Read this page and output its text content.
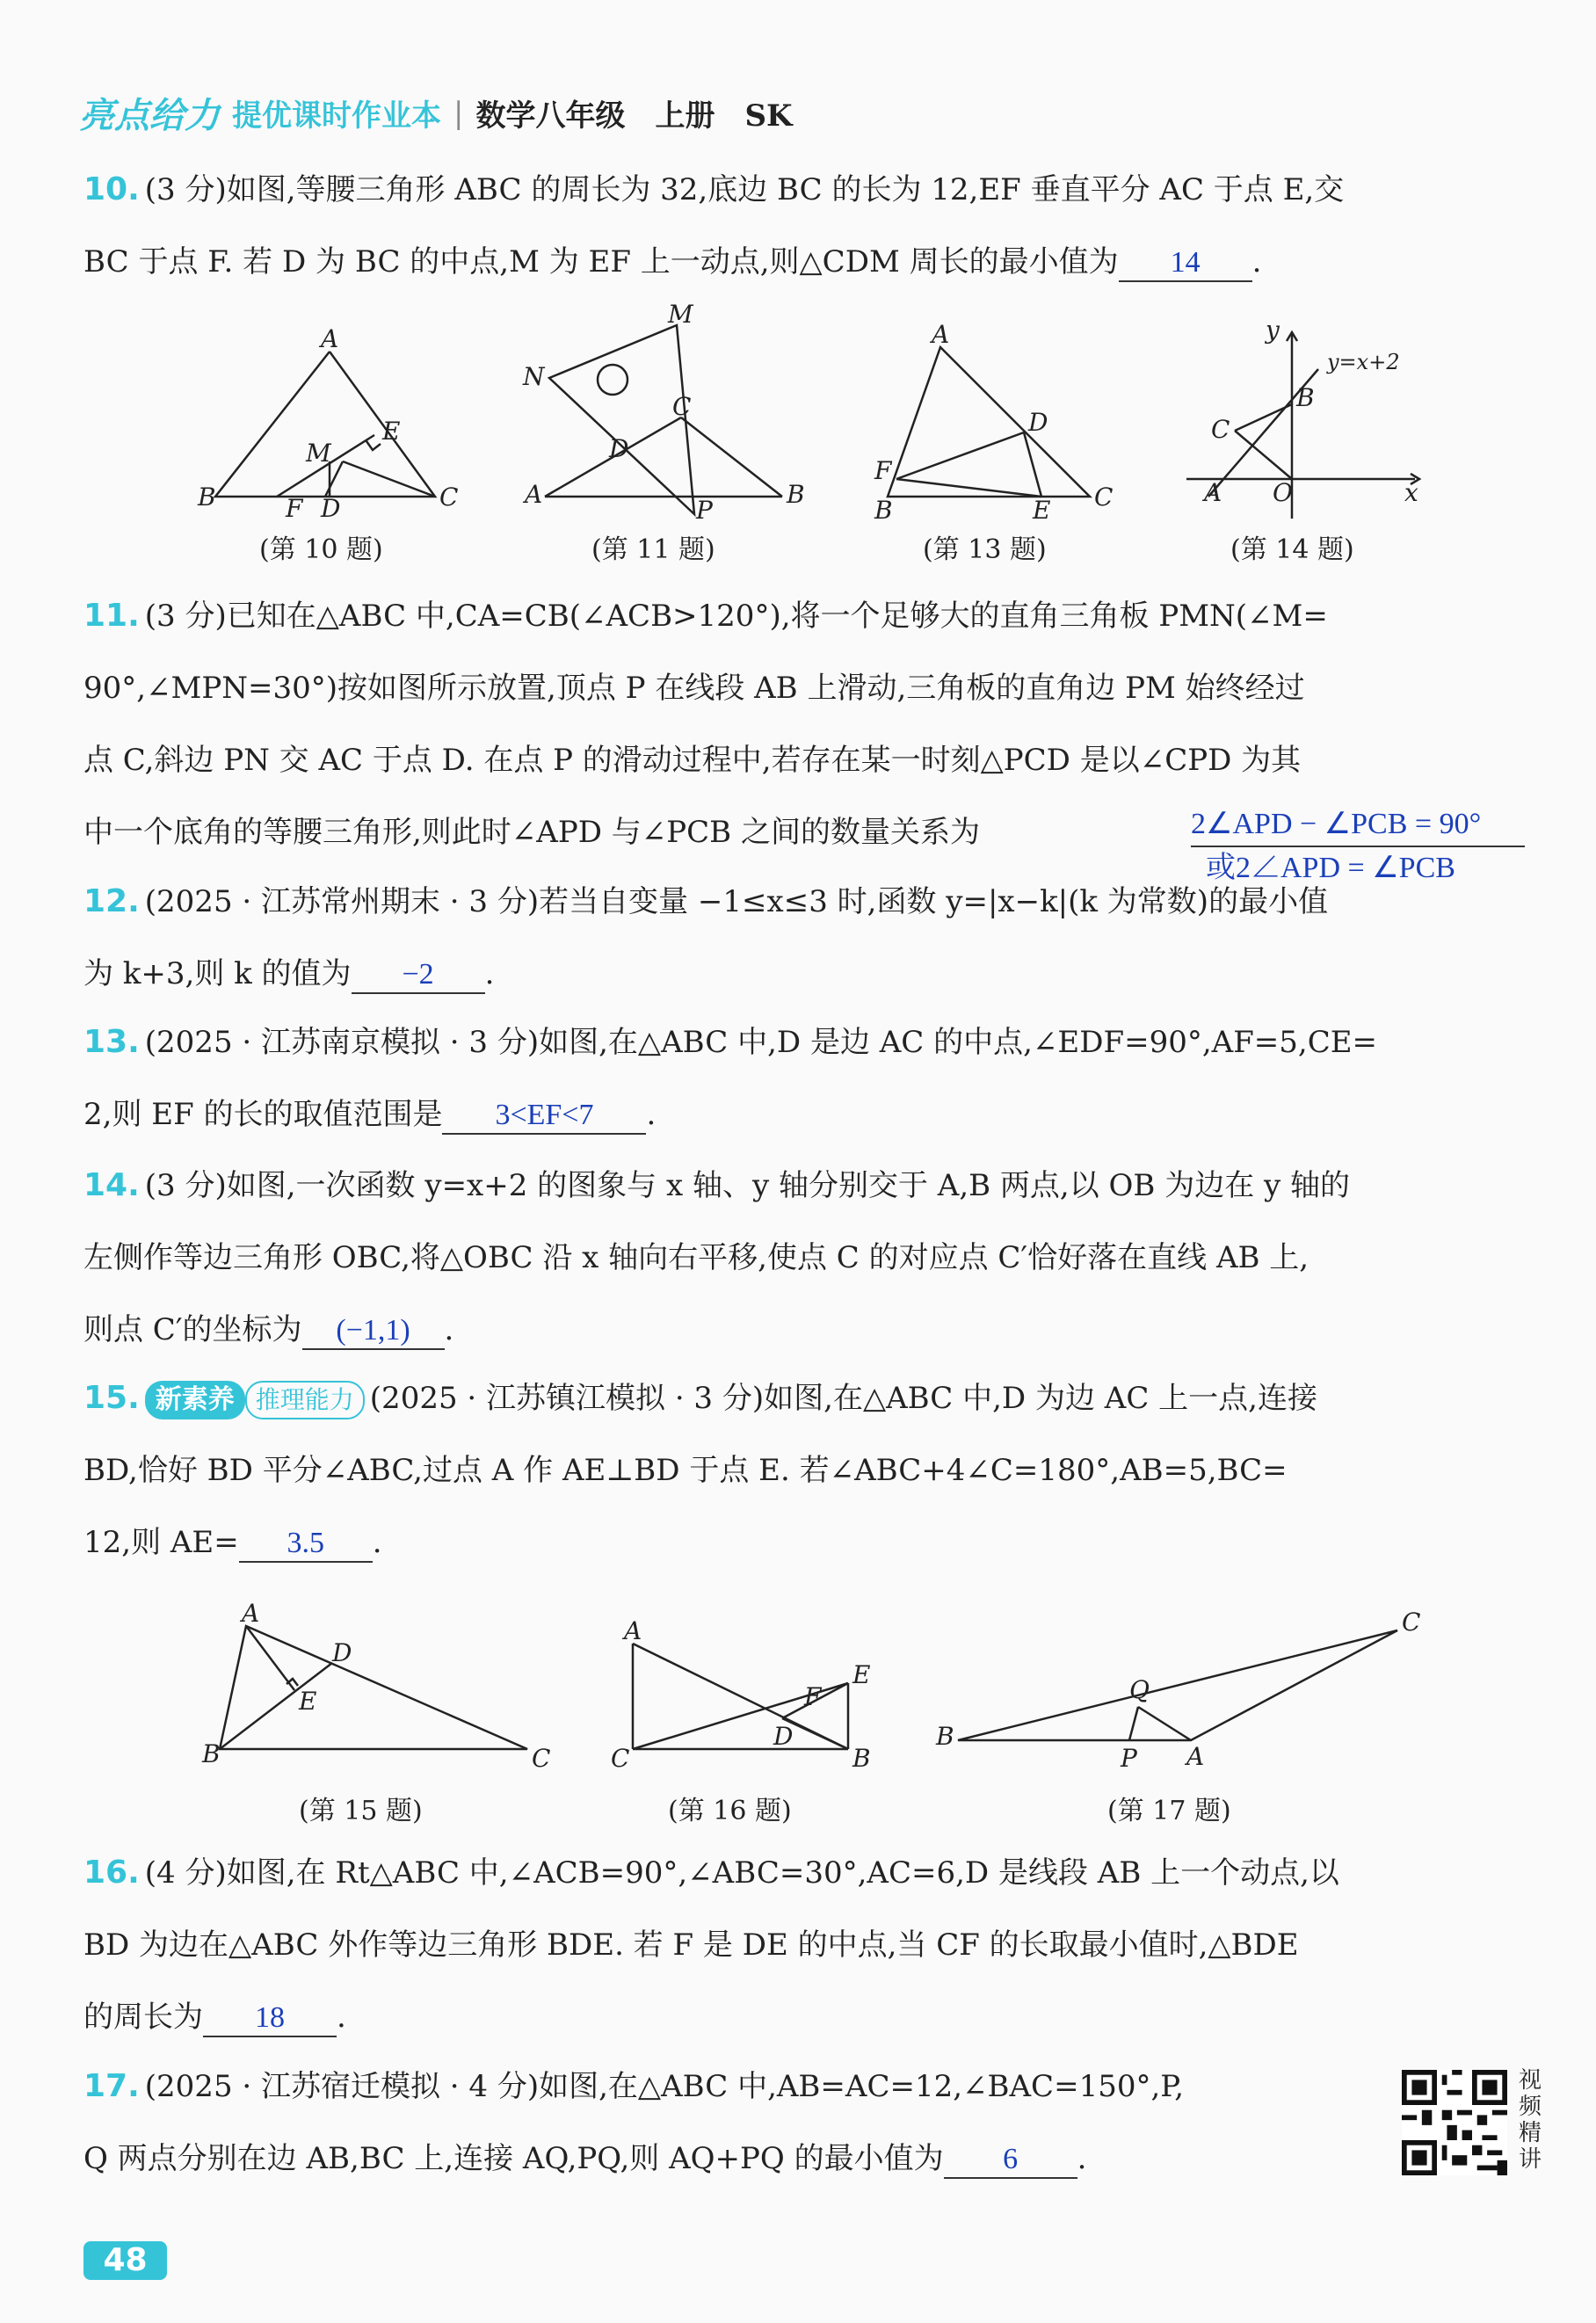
亮点给力 提优课时作业本 | 数学八年级　上册　SK
10. (3 分)如图,等腰三角形 ABC 的周长为 32,底边 BC 的长为 12,EF 垂直平分 AC 于点 E,交
BC 于点 F. 若 D 为 BC 的中点,M 为 EF 上一动点,则△CDM 周长的最小值为 14 .
A
B	C
E
M
F D
M
N
C
D
A
P
B
A
D
F
B	E C
y
y=x+2
B
C
A O	x
(第 10 题)	(第 11 题)	(第 13 题)	(第 14 题)
11. (3 分)已知在△ABC 中,CA=CB(∠ACB>120°),将一个足够大的直角三角板 PMN(∠M=
90°,∠MPN=30°)按如图所示放置,顶点 P 在线段 AB 上滑动,三角板的直角边 PM 始终经过
点 C,斜边 PN 交 AC 于点 D. 在点 P 的滑动过程中,若存在某一时刻△PCD 是以∠CPD 为其
中一个底角的等腰三角形,则此时∠APD 与∠PCB 之间的数量关系为	2∠APD − ∠PCB = 90°
或2∠APD = ∠PCB
12. (2025 · 江苏常州期末 · 3 分)若当自变量 −1≤x≤3 时,函数 y=|x−k|(k 为常数)的最小值
为 k+3,则 k 的值为 −2 .
13. (2025 · 江苏南京模拟 · 3 分)如图,在△ABC 中,D 是边 AC 的中点,∠EDF=90°,AF=5,CE=
2,则 EF 的长的取值范围是 3<EF<7 .
14. (3 分)如图,一次函数 y=x+2 的图象与 x 轴、y 轴分别交于 A,B 两点,以 OB 为边在 y 轴的
左侧作等边三角形 OBC,将△OBC 沿 x 轴向右平移,使点 C 的对应点 C′恰好落在直线 AB 上,
则点 C′的坐标为 (−1,1) .
15. 新素养 推理能力 (2025 · 江苏镇江模拟 · 3 分)如图,在△ABC 中,D 为边 AC 上一点,连接
BD,恰好 BD 平分∠ABC,过点 A 作 AE⊥BD 于点 E. 若∠ABC+4∠C=180°,AB=5,BC=
12,则 AE= 3.5 .
A
D
E
B	C
A
E
F
D
C	B
C
Q
B
P A
(第 15 题)	(第 16 题)	(第 17 题)
16. (4 分)如图,在 Rt△ABC 中,∠ACB=90°,∠ABC=30°,AC=6,D 是线段 AB 上一个动点,以
BD 为边在△ABC 外作等边三角形 BDE. 若 F 是 DE 的中点,当 CF 的长取最小值时,△BDE
的周长为 18 .
17. (2025 · 江苏宿迁模拟 · 4 分)如图,在△ABC 中,AB=AC=12,∠BAC=150°,P,
Q 两点分别在边 AB,BC 上,连接 AQ,PQ,则 AQ+PQ 的最小值为 6 .
视频精讲
48
